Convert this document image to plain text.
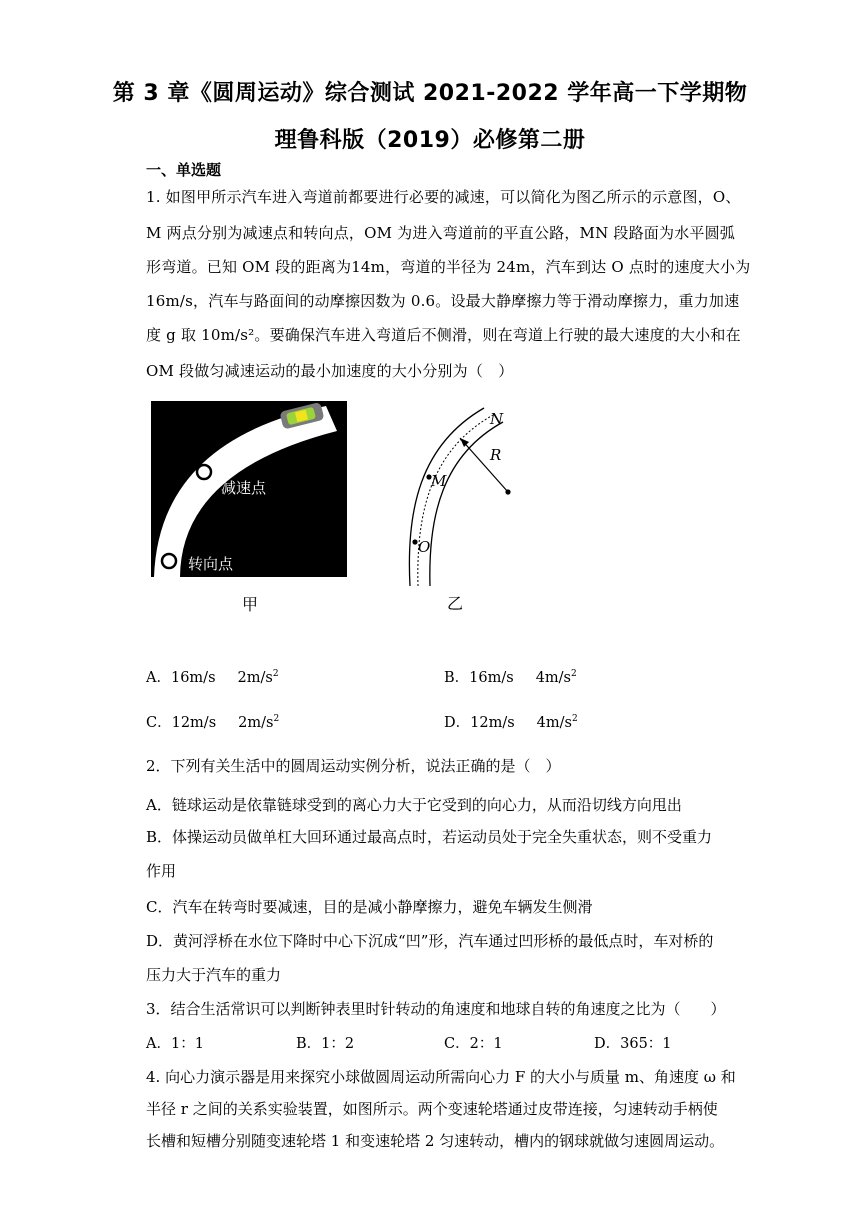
第 3 章《圆周运动》综合测试 2021-2022 学年高一下学期物
理鲁科版（2019）必修第二册
一、单选题
1. 如图甲所示汽车进入弯道前都要进行必要的减速，可以简化为图乙所示的示意图，O、
M 两点分别为减速点和转向点，OM 为进入弯道前的平直公路，MN 段路面为水平圆弧
形弯道。已知 OM 段的距离为14m，弯道的半径为 24m，汽车到达 O 点时的速度大小为
16m/s，汽车与路面间的动摩擦因数为 0.6。设最大静摩擦力等于滑动摩擦力，重力加速
度 g 取 10m/s²。要确保汽车进入弯道后不侧滑，则在弯道上行驶的最大速度的大小和在
OM 段做匀减速运动的最小加速度的大小分别为（　）
减速点
转向点
甲
N
R
M
O
乙
A．16m/s $2m/s^2$	B．16m/s $4m/s^2$
C．12m/s $2m/s^2$	D．12m/s $4m/s^2$
2．下列有关生活中的圆周运动实例分析，说法正确的是（　）
A．链球运动是依靠链球受到的离心力大于它受到的向心力，从而沿切线方向甩出
B．体操运动员做单杠大回环通过最高点时，若运动员处于完全失重状态，则不受重力
作用
C．汽车在转弯时要减速，目的是减小静摩擦力，避免车辆发生侧滑
D．黄河浮桥在水位下降时中心下沉成“凹”形，汽车通过凹形桥的最低点时，车对桥的
压力大于汽车的重力
3．结合生活常识可以判断钟表里时针转动的角速度和地球自转的角速度之比为（　　）
A．1：1	B．1：2	C．2：1	D．365：1
4. 向心力演示器是用来探究小球做圆周运动所需向心力 F 的大小与质量 m、角速度 ω 和
半径 r 之间的关系实验装置，如图所示。两个变速轮塔通过皮带连接，匀速转动手柄使
长槽和短槽分别随变速轮塔 1 和变速轮塔 2 匀速转动，槽内的钢球就做匀速圆周运动。
